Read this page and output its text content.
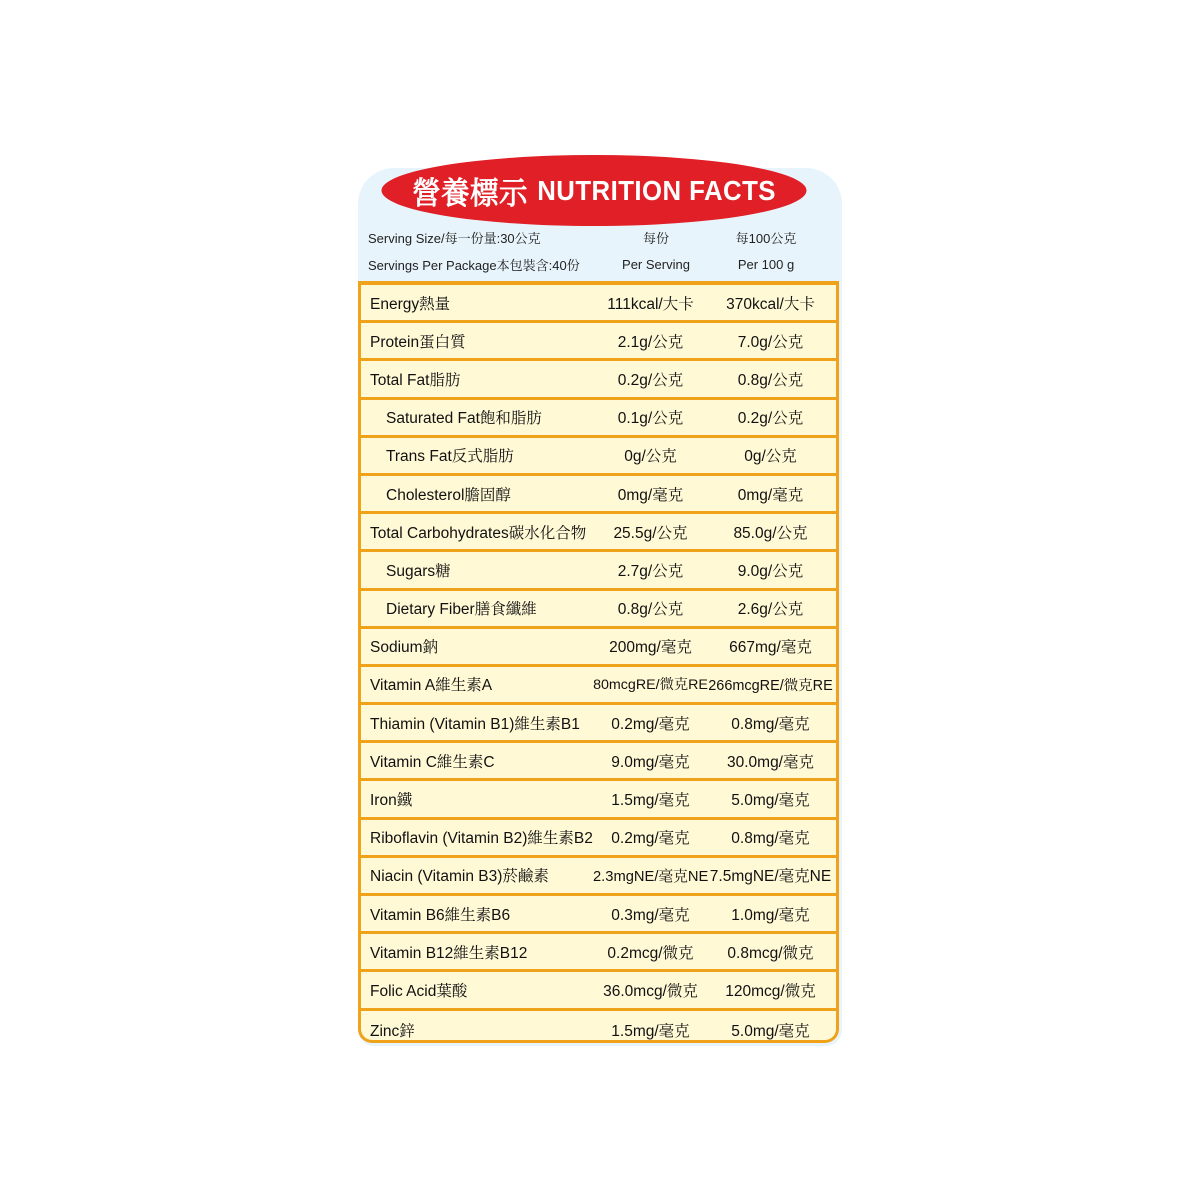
營養標示 NUTRITION FACTS
Serving Size/每一份量:30公克	每份	每100公克
Servings Per Package本包裝含:40份	Per Serving	Per 100 g
Energy熱量	111kcal/大卡	370kcal/大卡
Protein蛋白質	2.1g/公克	7.0g/公克
Total Fat脂肪	0.2g/公克	0.8g/公克
Saturated Fat飽和脂肪	0.1g/公克	0.2g/公克
Trans Fat反式脂肪	0g/公克	0g/公克
Cholesterol膽固醇	0mg/毫克	0mg/毫克
Total Carbohydrates碳水化合物	25.5g/公克	85.0g/公克
Sugars糖	2.7g/公克	9.0g/公克
Dietary Fiber膳食纖維	0.8g/公克	2.6g/公克
Sodium鈉	200mg/毫克	667mg/毫克
Vitamin A維生素A	80mcgRE/微克RE 266mcgRE/微克RE
Thiamin (Vitamin B1)維生素B1	0.2mg/毫克	0.8mg/毫克
Vitamin C維生素C	9.0mg/毫克	30.0mg/毫克
Iron鐵	1.5mg/毫克	5.0mg/毫克
Riboflavin (Vitamin B2)維生素B2	0.2mg/毫克	0.8mg/毫克
Niacin (Vitamin B3)菸鹼素	2.3mgNE/毫克NE 7.5mgNE/毫克NE
Vitamin B6維生素B6	0.3mg/毫克	1.0mg/毫克
Vitamin B12維生素B12	0.2mcg/微克	0.8mcg/微克
Folic Acid葉酸	36.0mcg/微克	120mcg/微克
Zinc鋅	1.5mg/毫克	5.0mg/毫克
